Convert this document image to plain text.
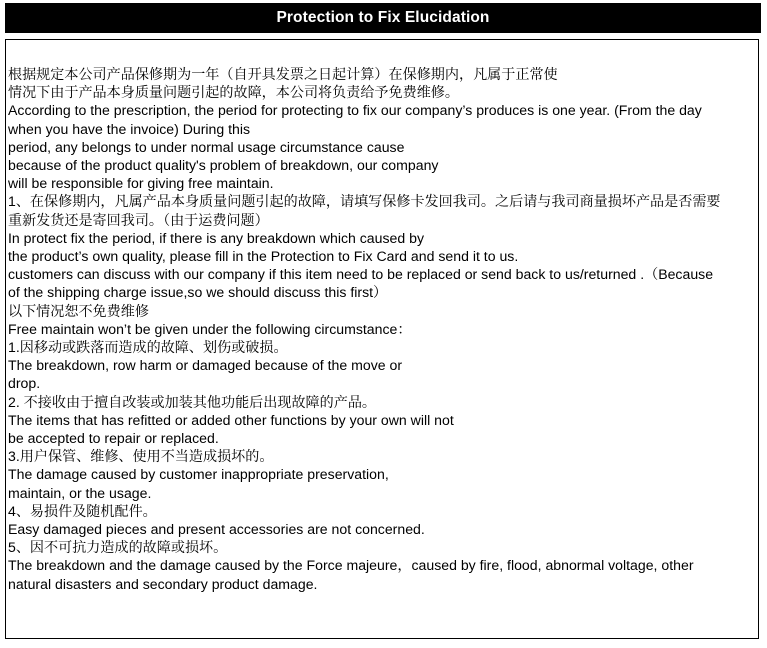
Protection to Fix Elucidation
根据规定本公司产品保修期为一年（自开具发票之日起计算）在保修期内，凡属于正常使
情况下由于产品本身质量问题引起的故障，本公司将负责给予免费维修。
According to the prescription, the period for protecting to fix our company’s produces is one year. (From the day
when you have the invoice) During this
period, any belongs to under normal usage circumstance cause
because of the product quality's problem of breakdown, our company
will be responsible for giving free maintain.
1、在保修期内，凡属产品本身质量问题引起的故障，请填写保修卡发回我司。之后请与我司商量损坏产品是否需要
重新发货还是寄回我司。（由于运费问题）
In protect fix the period, if there is any breakdown which caused by
the product’s own quality, please fill in the Protection to Fix Card and send it to us.
customers can discuss with our company if this item need to be replaced or send back to us/returned .（Because
of the shipping charge issue,so we should discuss this first）
以下情况恕不免费维修
Free maintain won’t be given under the following circumstance：
1.因移动或跌落而造成的故障、划伤或破损。
The breakdown, row harm or damaged because of the move or
drop.
2. 不接收由于擅自改装或加装其他功能后出现故障的产品。
The items that has refitted or added other functions by your own will not
be accepted to repair or replaced.
3.用户保管、维修、使用不当造成损坏的。
The damage caused by customer inappropriate preservation,
maintain, or the usage.
4、易损件及随机配件。
Easy damaged pieces and present accessories are not concerned.
5、因不可抗力造成的故障或损坏。
The breakdown and the damage caused by the Force majeure，caused by fire, flood, abnormal voltage, other
natural disasters and secondary product damage.
